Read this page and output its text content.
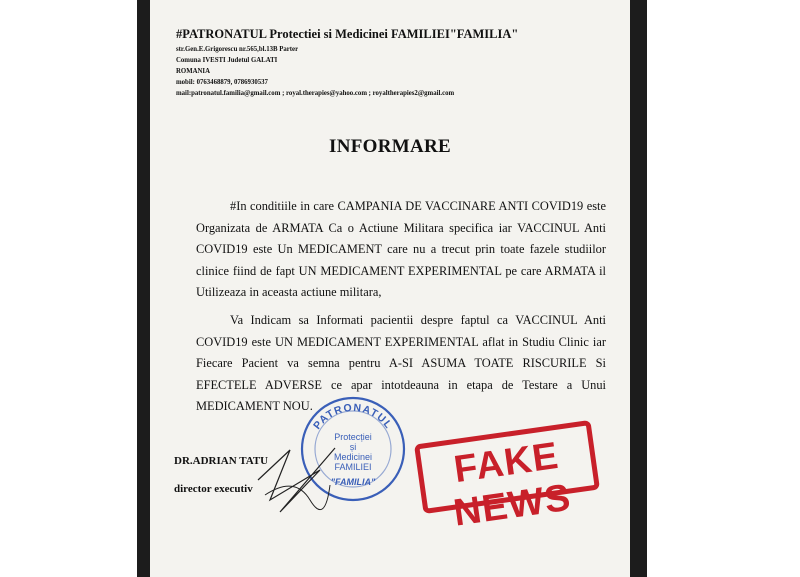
#PATRONATUL Protectiei si Medicinei FAMILIEI"FAMILIA"
str.Gen.E.Grigorescu nr.565,bl.13B Parter
Comuna IVESTI Judetul GALATI
ROMANIA
mobil: 0763468879, 0786930537
mail:patronatul.familia@gmail.com ; royal.therapies@yahoo.com ; royaltherapies2@gmail.com
INFORMARE
#In conditiile in care CAMPANIA DE VACCINARE ANTI COVID19 este Organizata de ARMATA Ca o Actiune Militara specifica iar VACCINUL Anti COVID19 este Un MEDICAMENT care nu a trecut prin toate fazele studiilor clinice fiind de fapt UN MEDICAMENT EXPERIMENTAL pe care ARMATA il Utilizeaza in aceasta actiune militara,
Va Indicam sa Informati pacientii despre faptul ca VACCINUL Anti COVID19 este UN MEDICAMENT EXPERIMENTAL aflat in Studiu Clinic iar Fiecare Pacient va semna pentru A-SI ASUMA TOATE RISCURILE Si EFECTELE ADVERSE ce apar intotdeauna in etapa de Testare a Unui MEDICAMENT NOU.
PATRONATUL
Protecției
și
Medicinei
FAMILIEI
"FAMILIA"
DR.ADRIAN TATU
director executiv	FAKE NEWS
